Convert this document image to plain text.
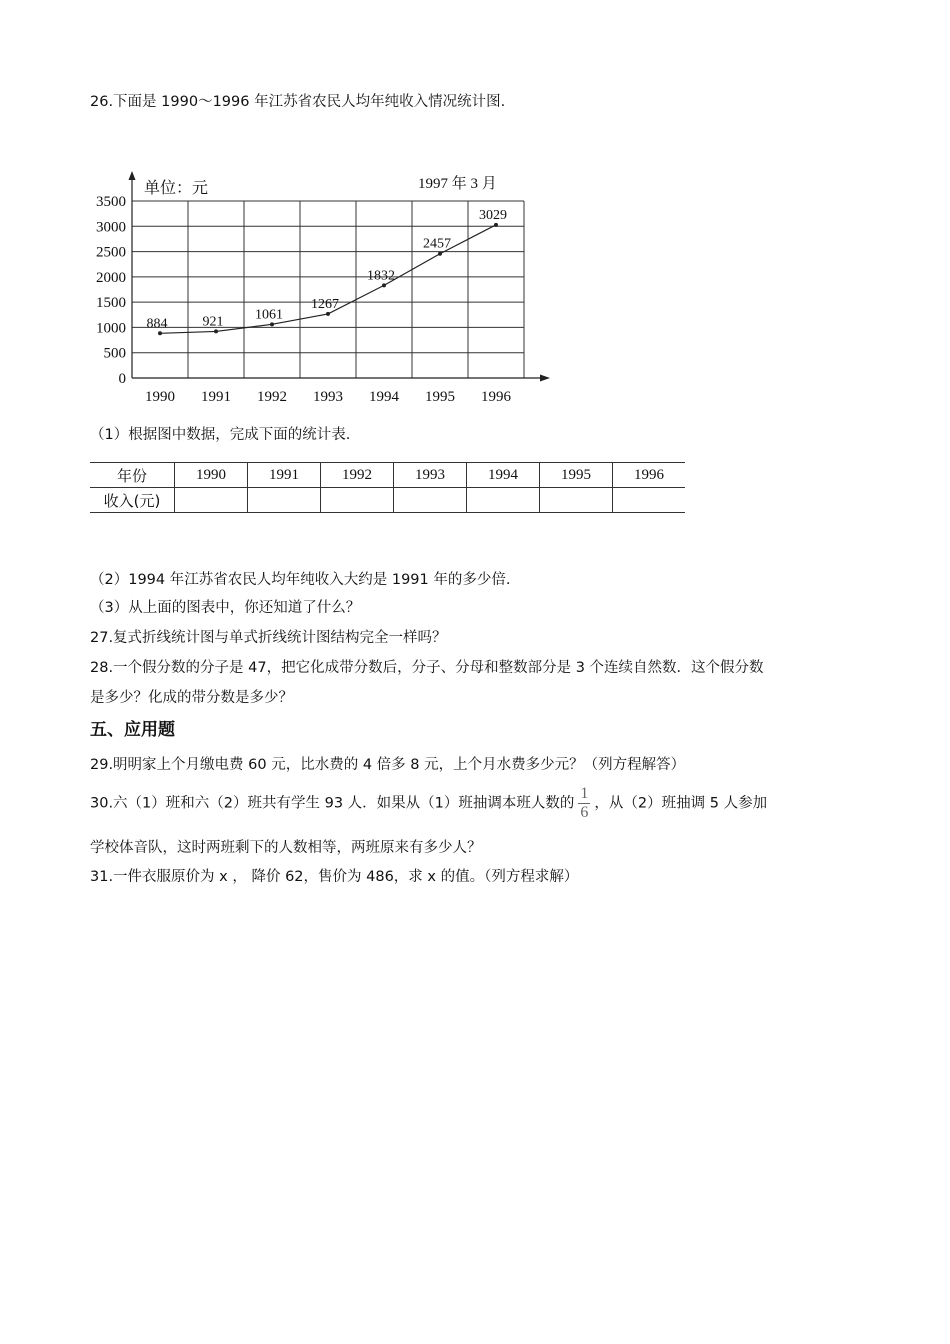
26.下面是 1990～1996 年江苏省农民人均年纯收入情况统计图.
0
500
1000
1500
2000
2500
3000
3500
1990 1991 1992 1993 1994 1995 1996
884	921 1061
1267
1832
2457
3029
单位：元	1997 年 3 月
（1）根据图中数据，完成下面的统计表.
年份	1990	1991	1992	1993	1994	1995	1996
收入(元)							
（2）1994 年江苏省农民人均年纯收入大约是 1991 年的多少倍.
（3）从上面的图表中，你还知道了什么？
27.复式折线统计图与单式折线统计图结构完全一样吗？
28.一个假分数的分子是 47，把它化成带分数后，分子、分母和整数部分是 3 个连续自然数．这个假分数
是多少？化成的带分数是多少？
五、应用题
29.明明家上个月缴电费 60 元，比水费的 4 倍多 8 元，上个月水费多少元？（列方程解答）
30.六（1）班和六（2）班共有学生 93 人．如果从（1）班抽调本班人数的 $\frac{1}{6}$ ，从（2）班抽调 5 人参加
学校体音队，这时两班剩下的人数相等，两班原来有多少人？
31.一件衣服原价为 x ， 降价 62，售价为 486，求 x 的值。（列方程求解）
